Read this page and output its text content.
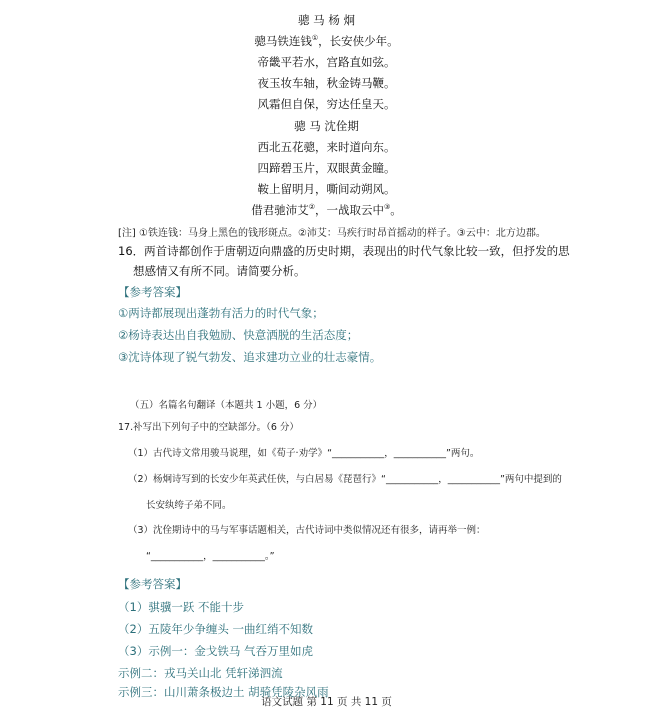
骢 马 杨 炯
骢马铁连钱①，长安侠少年。
帝畿平若水，宫路直如弦。
夜玉妆车轴，秋金铸马鞭。
风霜但自保，穷达任皇天。
骢 马 沈佺期
西北五花骢，来时道向东。
四蹄碧玉片，双眼黄金瞳。
鞍上留明月，嘶间动朔风。
借君驰沛艾②，一战取云中③。
[注] ①铁连钱：马身上黑色的钱形斑点。②沛艾：马疾行时昂首摇动的样子。③云中：北方边郡。
16．两首诗都创作于唐朝迈向鼎盛的历史时期，表现出的时代气象比较一致，但抒发的思
想感情又有所不同。请简要分析。
【参考答案】
①两诗都展现出蓬勃有活力的时代气象；
②杨诗表达出自我勉励、快意洒脱的生活态度；
③沈诗体现了锐气勃发、追求建功立业的壮志豪情。
（五）名篇名句翻译（本题共 1 小题，6 分）
17.补写出下列句子中的空缺部分。（6 分）
（1）古代诗文常用骏马说理，如《荀子·劝学》“___________，___________”两句。
（2）杨炯诗写到的长安少年英武任侠，与白居易《琵琶行》“___________，___________”两句中提到的
长安纨绔子弟不同。
（3）沈佺期诗中的马与军事话题相关，古代诗词中类似情况还有很多，请再举一例：
“___________，___________。”
【参考答案】
（1）骐骥一跃 不能十步
（2）五陵年少争缠头 一曲红绡不知数
（3）示例一：金戈铁马 气吞万里如虎
示例二：戎马关山北 凭轩涕泗流
示例三：山川萧条极边土 胡骑凭陵杂风雨
语文试题 第 11 页 共 11 页
